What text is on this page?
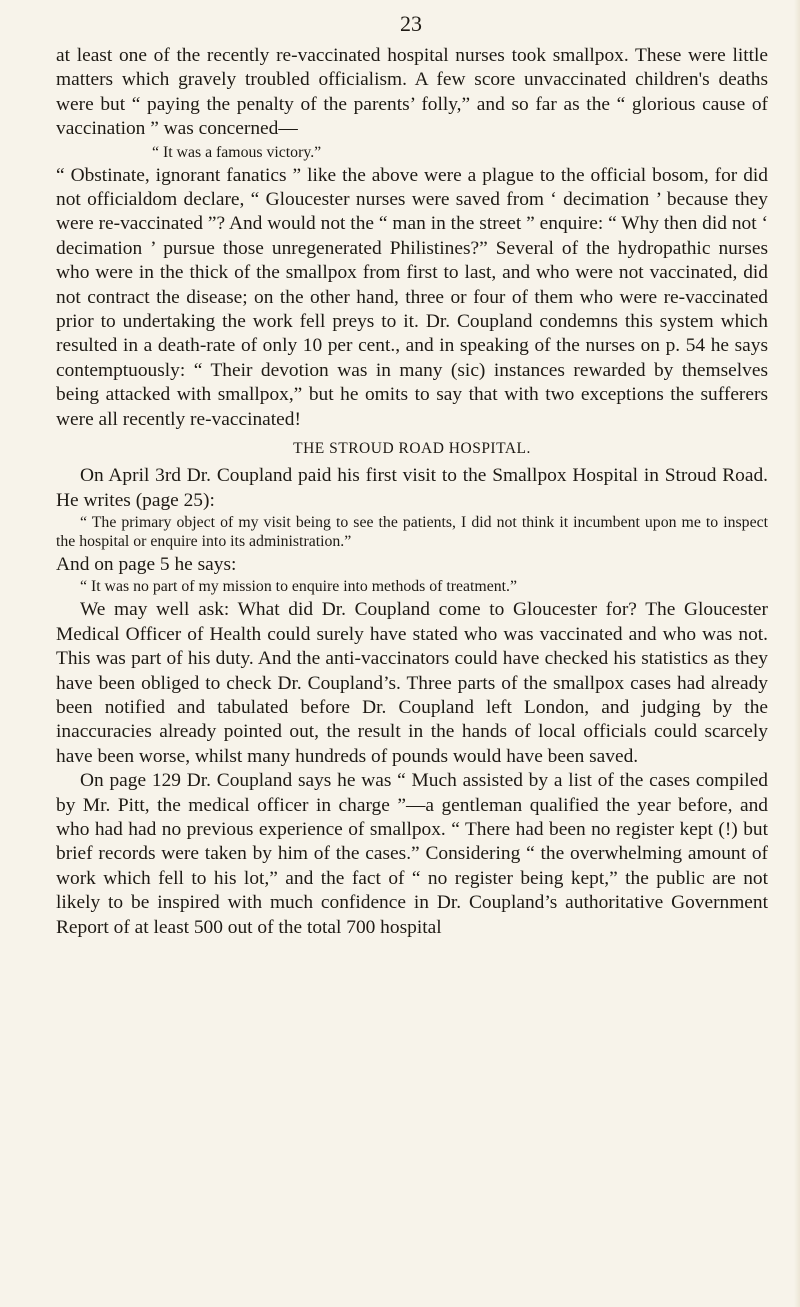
23

at least one of the recently re-vaccinated hospital nurses took smallpox. These were little matters which gravely troubled officialism. A few score unvaccinated children's deaths were but “ paying the penalty of the parents’ folly,” and so far as the “ glorious cause of vaccination ” was concerned—

“ It was a famous victory.”

“ Obstinate, ignorant fanatics ” like the above were a plague to the official bosom, for did not officialdom declare, “ Gloucester nurses were saved from ‘ decimation ’ because they were re-vaccinated ”? And would not the “ man in the street ” enquire: “ Why then did not ‘ decimation ’ pursue those unregenerated Philistines?” Several of the hydropathic nurses who were in the thick of the smallpox from first to last, and who were not vaccinated, did not contract the disease; on the other hand, three or four of them who were re-vaccinated prior to undertaking the work fell preys to it. Dr. Coupland condemns this system which resulted in a death-rate of only 10 per cent., and in speaking of the nurses on p. 54 he says contemptuously: “ Their devotion was in many (sic) instances rewarded by themselves being attacked with smallpox,” but he omits to say that with two exceptions the sufferers were all recently re-vaccinated!

THE STROUD ROAD HOSPITAL.

On April 3rd Dr. Coupland paid his first visit to the Smallpox Hospital in Stroud Road. He writes (page 25):

“ The primary object of my visit being to see the patients, I did not think it incumbent upon me to inspect the hospital or enquire into its administration.”

And on page 5 he says:

“ It was no part of my mission to enquire into methods of treatment.”

We may well ask: What did Dr. Coupland come to Gloucester for? The Gloucester Medical Officer of Health could surely have stated who was vaccinated and who was not. This was part of his duty. And the anti-vaccinators could have checked his statistics as they have been obliged to check Dr. Coupland’s. Three parts of the smallpox cases had already been notified and tabulated before Dr. Coupland left London, and judging by the inaccuracies already pointed out, the result in the hands of local officials could scarcely have been worse, whilst many hundreds of pounds would have been saved.

On page 129 Dr. Coupland says he was “ Much assisted by a list of the cases compiled by Mr. Pitt, the medical officer in charge ”—a gentleman qualified the year before, and who had had no previous experience of smallpox. “ There had been no register kept (!) but brief records were taken by him of the cases.” Considering “ the overwhelming amount of work which fell to his lot,” and the fact of “ no register being kept,” the public are not likely to be inspired with much confidence in Dr. Coupland’s authoritative Government Report of at least 500 out of the total 700 hospital
